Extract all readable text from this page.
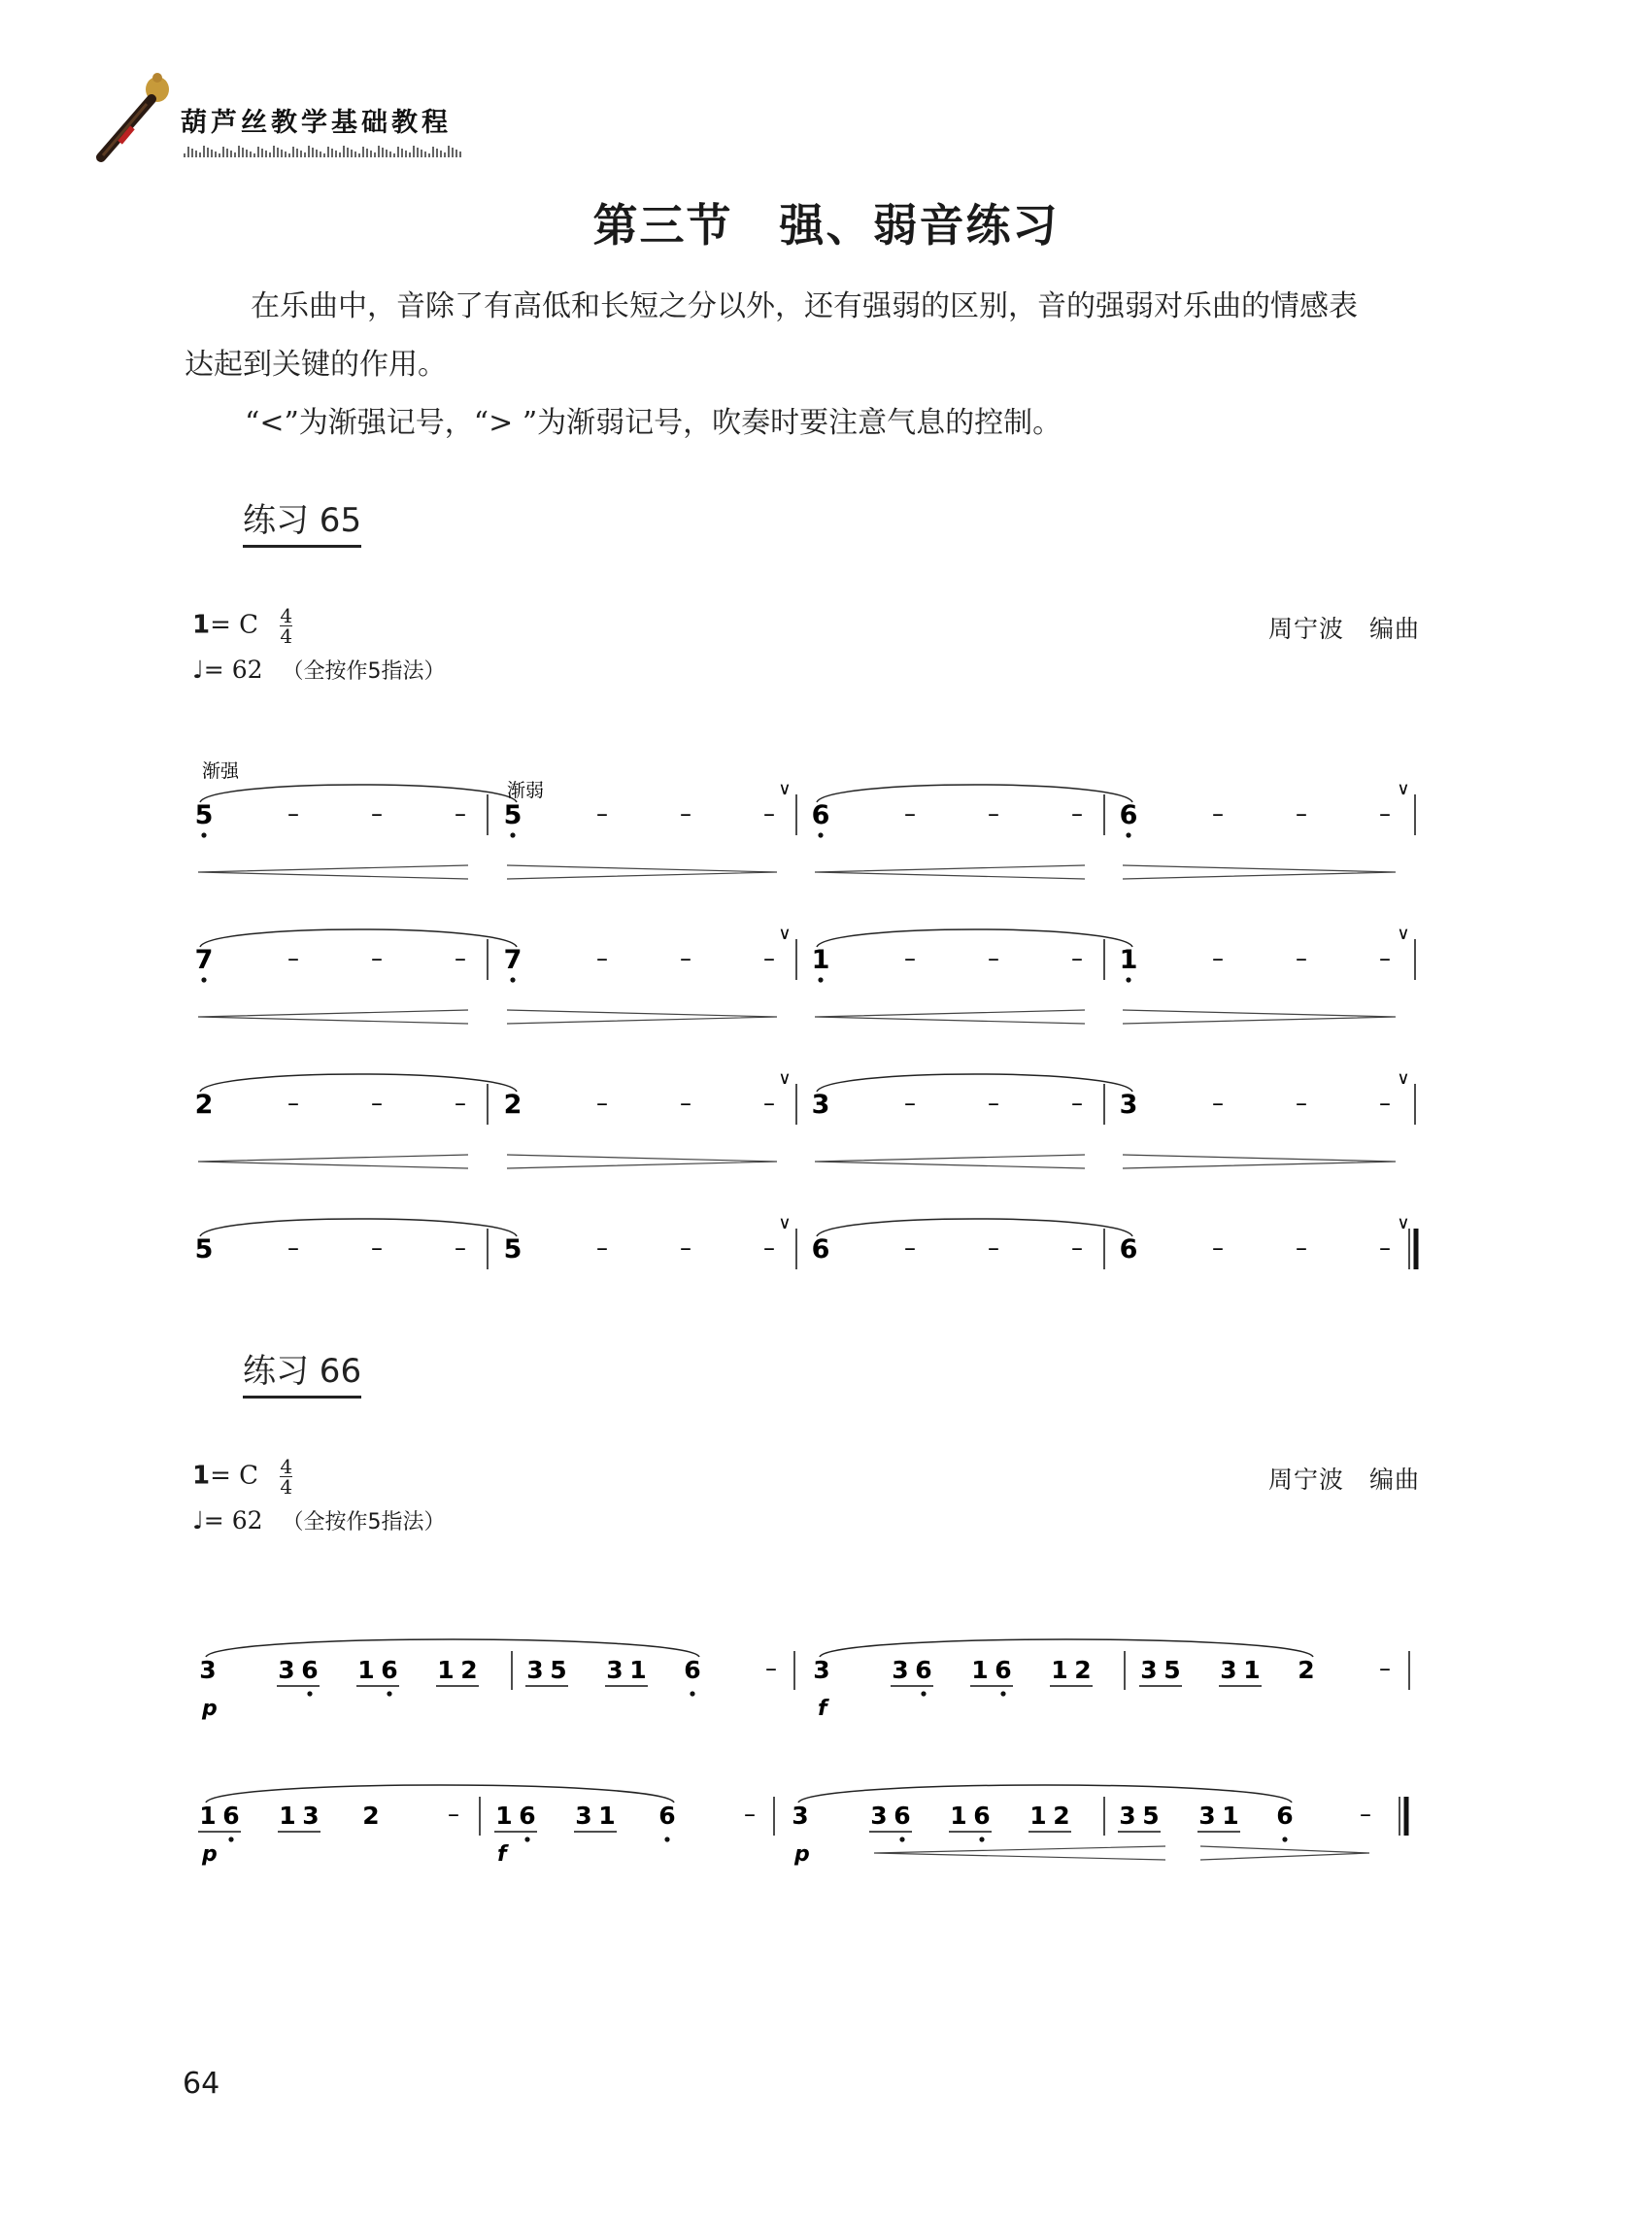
葫芦丝教学基础教程
第三节　强、弱音练习
在乐曲中，音除了有高低和长短之分以外，还有强弱的区别，音的强弱对乐曲的情感表
达起到关键的作用。
“<”为渐强记号，“> ”为渐弱记号，吹奏时要注意气息的控制。
练习 65
1= C $\frac{4}{4}$
♩= 62 （全按作5指法）
周宁波　编曲
5	–	–	– 5	–	–	–
∨
6	–	–	– 6	–	–	–
∨
7	–	–	– 7	–	–	–
∨
1	–	–	– 1	–	–	–
∨
2	–	–	– 2	–	–	–
∨
3	–	–	– 3	–	–	–
∨
5	–	–	– 5	–	–	–
∨
6	–	–	– 6	–	–	–
∨
渐强
渐弱
练习 66
1= C $\frac{4}{4}$
♩= 62 （全按作5指法）
周宁波　编曲
3	3 6 1 6 1 2 3 5 3 1 6	–
p
3	3 6 1 6 1 2 3 5 3 1 2	–
f
1 6 1 3 2	– 1 6 3 1 6	–
p	f
3	3 6 1 6 1 2 3 5 3 1 6	–
p
64
